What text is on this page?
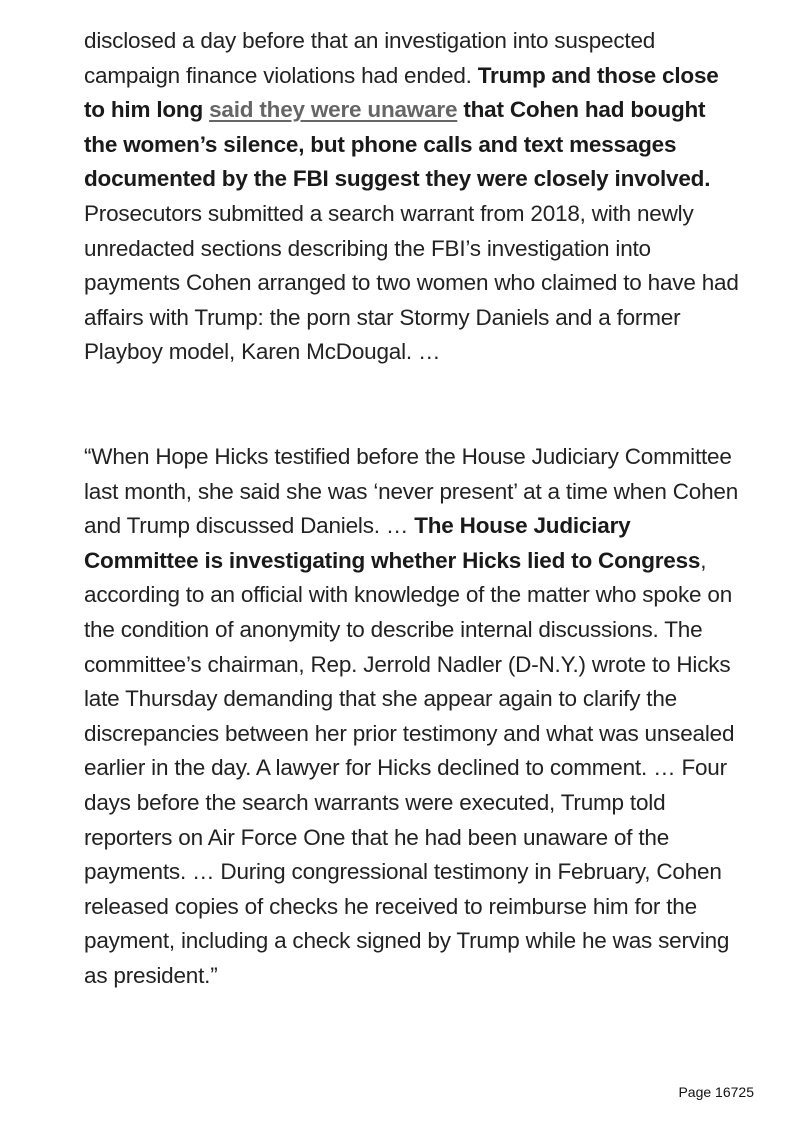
disclosed a day before that an investigation into suspected campaign finance violations had ended. Trump and those close to him long said they were unaware that Cohen had bought the women’s silence, but phone calls and text messages documented by the FBI suggest they were closely involved. Prosecutors submitted a search warrant from 2018, with newly unredacted sections describing the FBI’s investigation into payments Cohen arranged to two women who claimed to have had affairs with Trump: the porn star Stormy Daniels and a former Playboy model, Karen McDougal. …

“When Hope Hicks testified before the House Judiciary Committee last month, she said she was ‘never present’ at a time when Cohen and Trump discussed Daniels. … The House Judiciary Committee is investigating whether Hicks lied to Congress, according to an official with knowledge of the matter who spoke on the condition of anonymity to describe internal discussions. The committee’s chairman, Rep. Jerrold Nadler (D-N.Y.) wrote to Hicks late Thursday demanding that she appear again to clarify the discrepancies between her prior testimony and what was unsealed earlier in the day. A lawyer for Hicks declined to comment. … Four days before the search warrants were executed, Trump told reporters on Air Force One that he had been unaware of the payments. … During congressional testimony in February, Cohen released copies of checks he received to reimburse him for the payment, including a check signed by Trump while he was serving as president.”

Page 16725
